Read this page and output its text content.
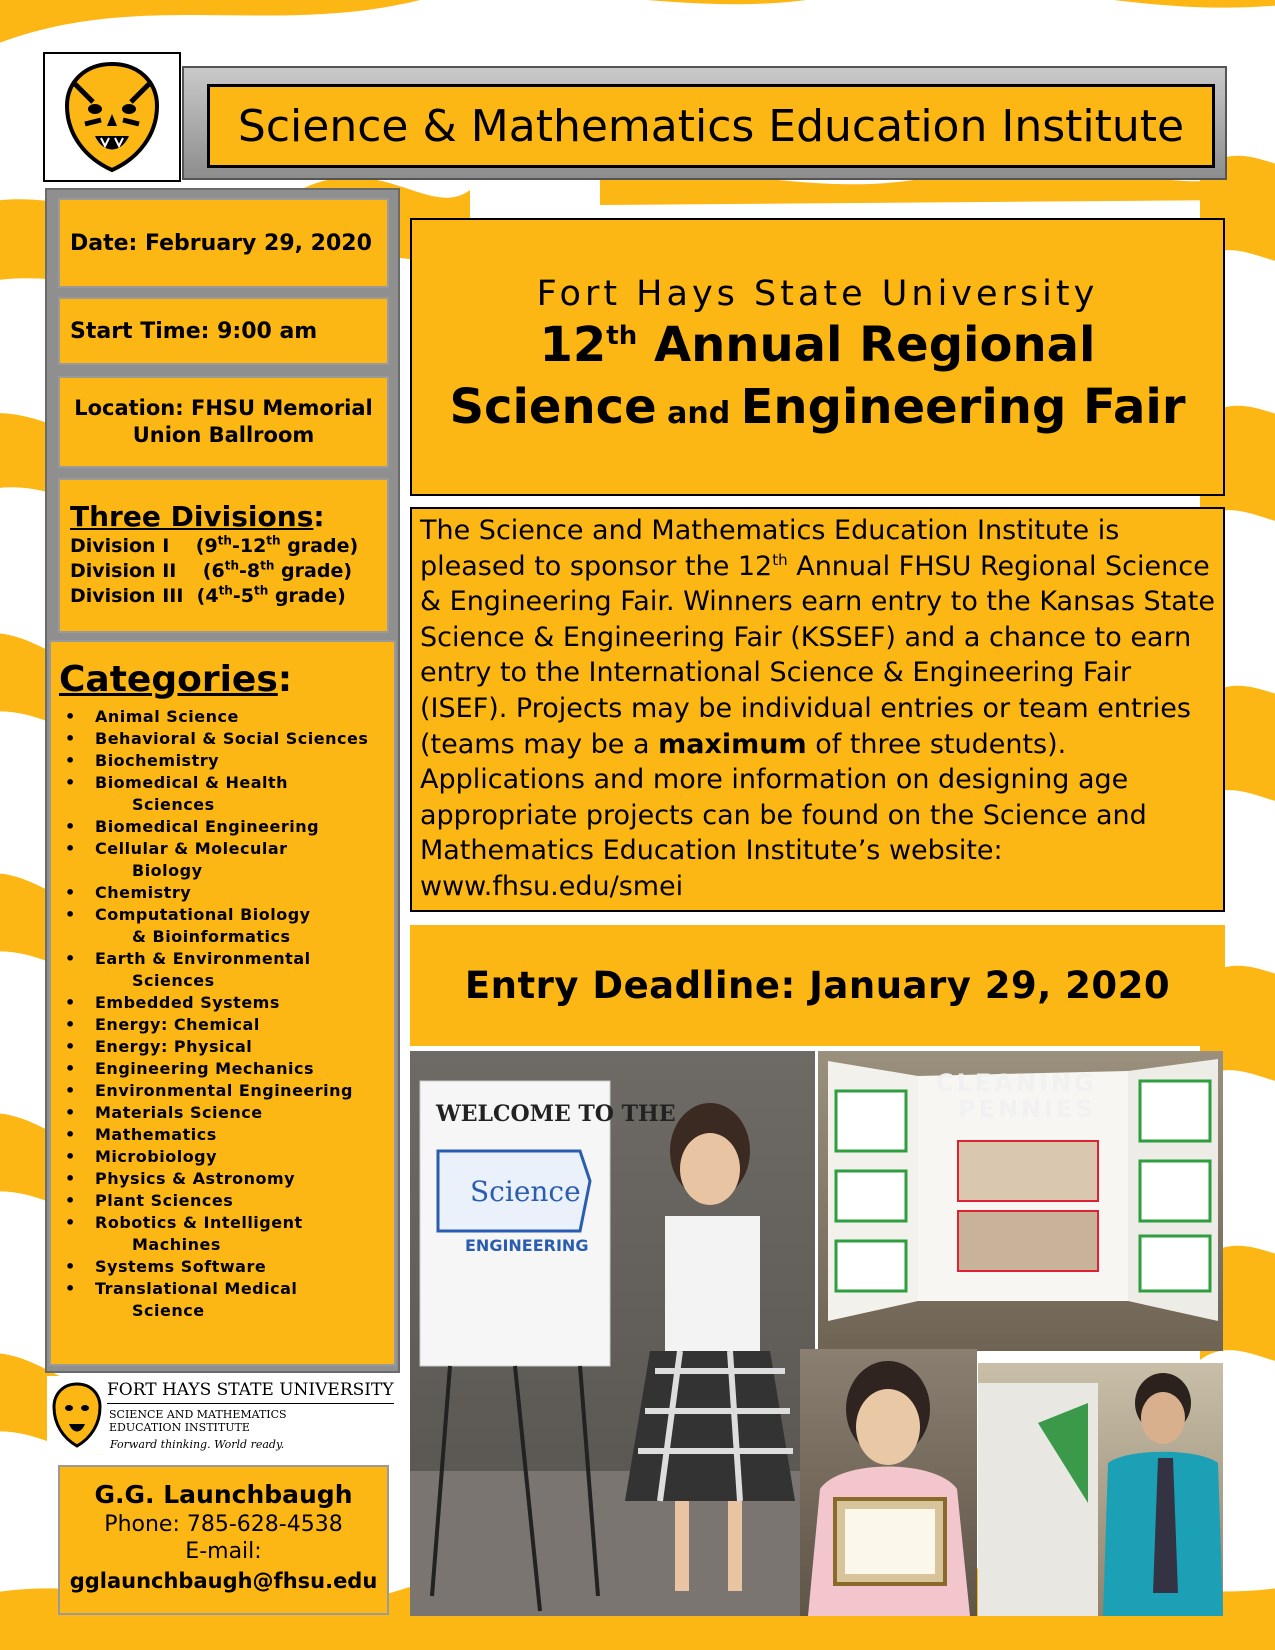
Science & Mathematics Education Institute
Date: February 29, 2020
Start Time: 9:00 am
Location: FHSU Memorial
Union Ballroom
Three Divisions:
Division I    (9th-12th grade)
Division II    (6th-8th grade)
Division III  (4th-5th grade)
Categories:
• Animal Science
• Behavioral & Social Sciences
• Biochemistry
• Biomedical & Health
Sciences
• Biomedical Engineering
• Cellular & Molecular
Biology
• Chemistry
• Computational Biology
& Bioinformatics
• Earth & Environmental
Sciences
• Embedded Systems
• Energy: Chemical
• Energy: Physical
• Engineering Mechanics
• Environmental Engineering
• Materials Science
• Mathematics
• Microbiology
• Physics & Astronomy
• Plant Sciences
• Robotics & Intelligent
Machines
• Systems Software
• Translational Medical
Science
FORT HAYS STATE UNIVERSITY
SCIENCE AND MATHEMATICS
EDUCATION INSTITUTE
Forward thinking. World ready.
G.G. Launchbaugh
Phone: 785-628-4538
E-mail:
gglaunchbaugh@fhsu.edu
Fort Hays State University
12th Annual Regional
Science and Engineering Fair
The Science and Mathematics Education Institute is pleased to sponsor the 12th Annual FHSU Regional Science & Engineering Fair. Winners earn entry to the Kansas State Science & Engineering Fair (KSSEF) and a chance to earn entry to the International Science & Engineering Fair (ISEF). Projects may be individual entries or team entries (teams may be a maximum of three students). Applications and more information on designing age appropriate projects can be found on the Science and Mathematics Education Institute’s website: www.fhsu.edu/smei
Entry Deadline: January 29, 2020
Science
ENGINEERING
WELCOME TO THE
CLEANING
PENNIES
